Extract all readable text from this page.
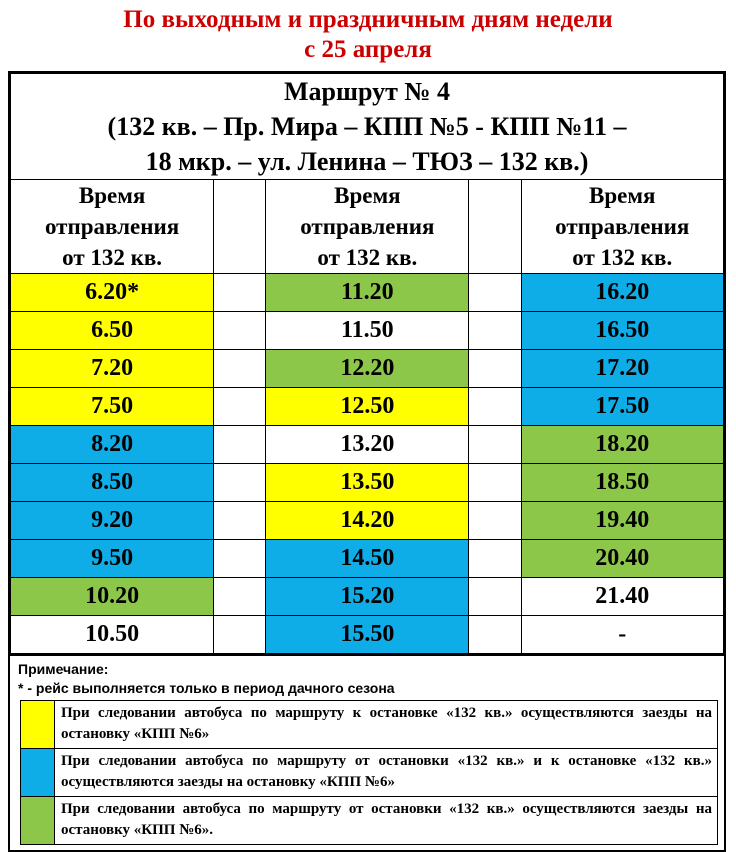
По выходным и праздничным дням недели
с 25 апреля
Маршрут № 4
(132 кв. – Пр. Мира – КПП №5 - КПП №11 –
18 мкр. – ул. Ленина – ТЮЗ – 132 кв.)				

Время
отправления
от 132 кв.

Время
отправления
от 132 кв.

Время
отправления
от 132 кв.

6.20*		11.20		16.20
6.50		11.50		16.50
7.20		12.20		17.20
7.50		12.50		17.50
8.20		13.20		18.20
8.50		13.50		18.50
9.20		14.20		19.40
9.50		14.50		20.40
10.20		15.20		21.40
10.50		15.50		-
Примечание:
* - рейс выполняется только в период дачного сезона
	При следовании автобуса по маршруту к остановке «132 кв.» осуществляются заезды на остановку «КПП №6»
	При следовании автобуса по маршруту от остановки «132 кв.» и к остановке «132 кв.» осуществляются заезды на остановку «КПП №6»
	При следовании автобуса по маршруту от остановки «132 кв.» осуществляются заезды на остановку «КПП №6».
